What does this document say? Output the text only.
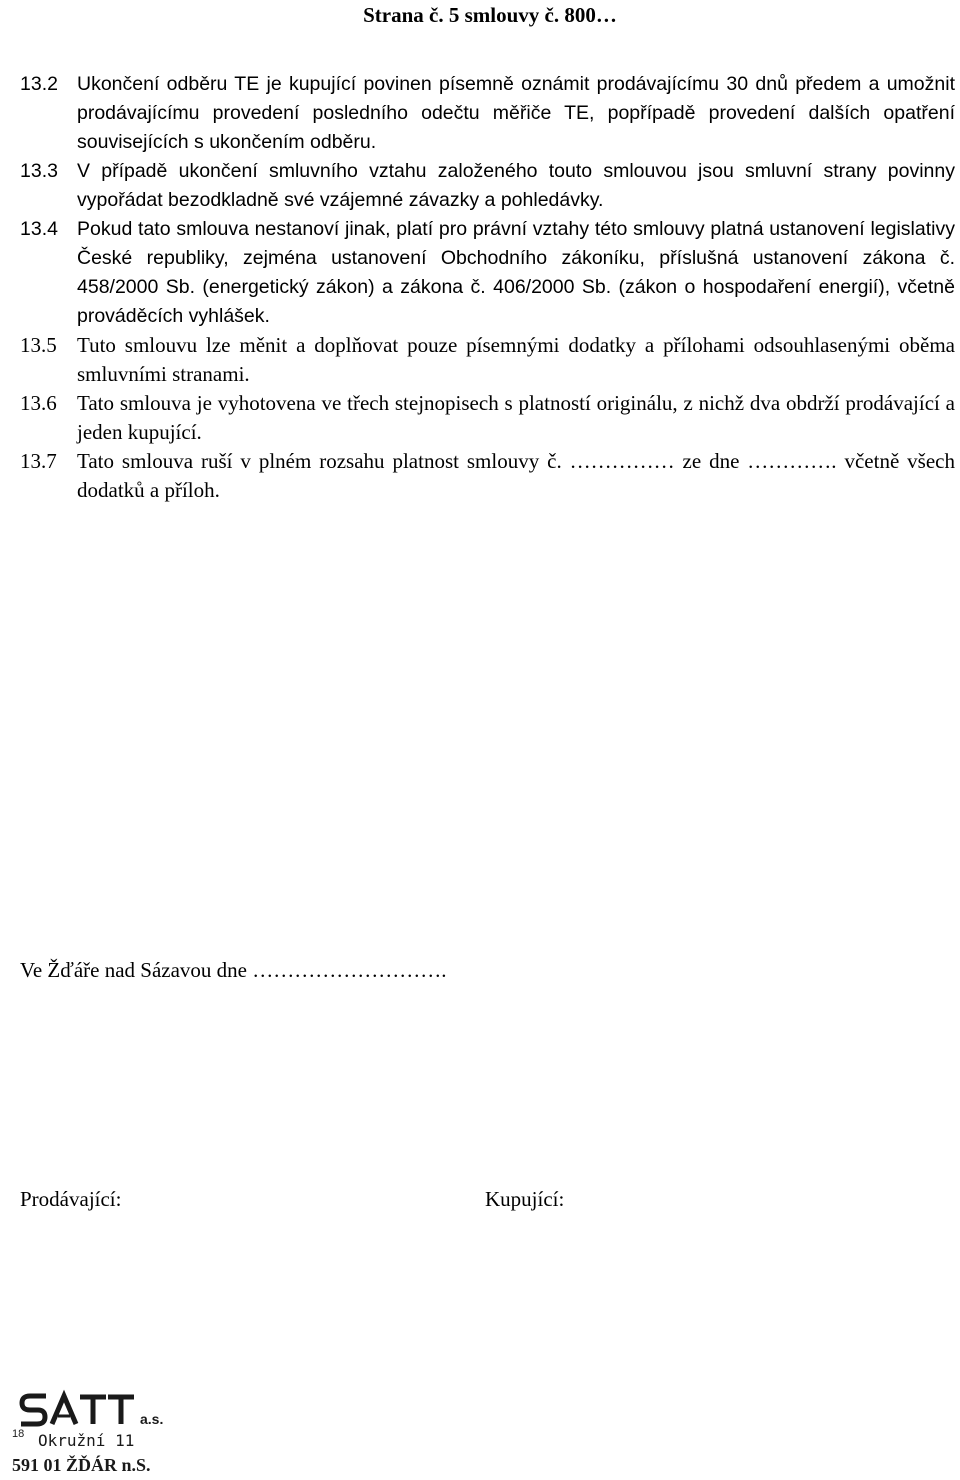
Strana č. 5 smlouvy č. 800…
13.2 Ukončení odběru TE je kupující povinen písemně oznámit prodávajícímu 30 dnů předem a umožnit prodávajícímu provedení posledního odečtu měřiče TE, popřípadě provedení dalších opatření souvisejících s ukončením odběru.
13.3 V případě ukončení smluvního vztahu založeného touto smlouvou jsou smluvní strany povinny vypořádat bezodkladně své vzájemné závazky a pohledávky.
13.4 Pokud tato smlouva nestanoví jinak, platí pro právní vztahy této smlouvy platná ustanovení legislativy České republiky, zejména ustanovení Obchodního zákoníku, příslušná ustanovení zákona č. 458/2000 Sb. (energetický zákon) a zákona č. 406/2000 Sb. (zákon o hospodaření energií), včetně prováděcích vyhlášek.
13.5 Tuto smlouvu lze měnit a doplňovat pouze písemnými dodatky a přílohami odsouhlasenými oběma smluvními stranami.
13.6 Tato smlouva je vyhotovena ve třech stejnopisech s platností originálu, z nichž dva obdrží prodávající a jeden kupující.
13.7 Tato smlouva ruší v plném rozsahu platnost smlouvy č. …………… ze dne …………. včetně všech dodatků a příloh.
Ve Žďáře nad Sázavou dne ……………………….
Prodávající:	Kupující:
a.s.
18 Okružní 11
591 01 ŽĎÁR n.S.
